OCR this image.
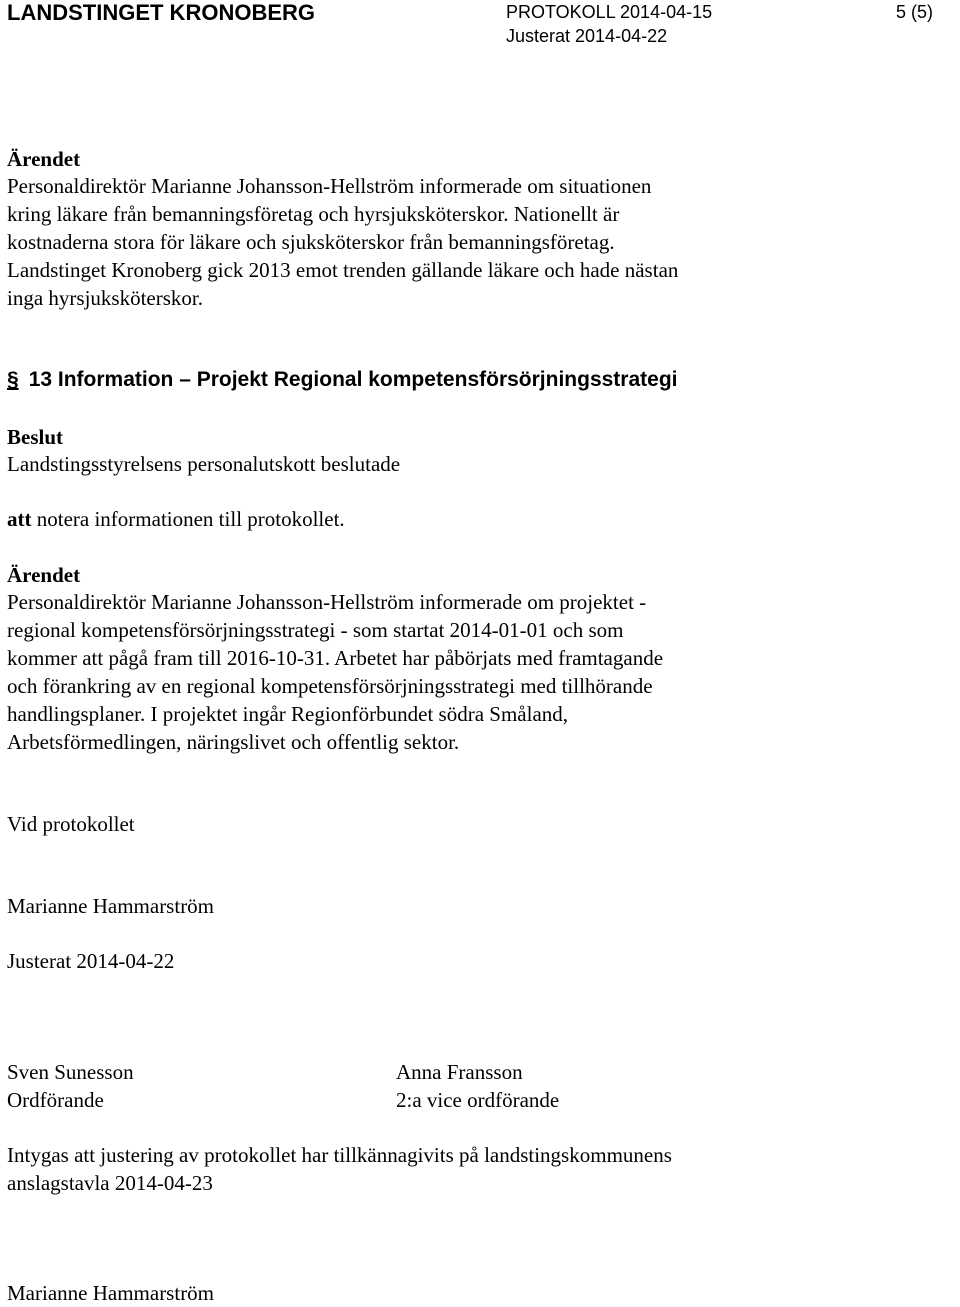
LANDSTINGET KRONOBERG	PROTOKOLL 2014-04-15
Justerat 2014-04-22
5 (5)
Ärendet
Personaldirektör Marianne Johansson-Hellström informerade om situationen
kring läkare från bemanningsföretag och hyrsjuksköterskor. Nationellt är
kostnaderna stora för läkare och sjuksköterskor från bemanningsföretag.
Landstinget Kronoberg gick 2013 emot trenden gällande läkare och hade nästan
inga hyrsjuksköterskor.
§ 13 Information – Projekt Regional kompetensförsörjningsstrategi
Beslut
Landstingsstyrelsens personalutskott beslutade
att notera informationen till protokollet.
Ärendet
Personaldirektör Marianne Johansson-Hellström informerade om projektet -
regional kompetensförsörjningsstrategi - som startat 2014-01-01 och som
kommer att pågå fram till 2016-10-31. Arbetet har påbörjats med framtagande
och förankring av en regional kompetensförsörjningsstrategi med tillhörande
handlingsplaner. I projektet ingår Regionförbundet södra Småland,
Arbetsförmedlingen, näringslivet och offentlig sektor.
Vid protokollet
Marianne Hammarström
Justerat 2014-04-22
Sven Sunesson
Ordförande
Anna Fransson
2:a vice ordförande
Intygas att justering av protokollet har tillkännagivits på landstingskommunens
anslagstavla 2014-04-23
Marianne Hammarström
